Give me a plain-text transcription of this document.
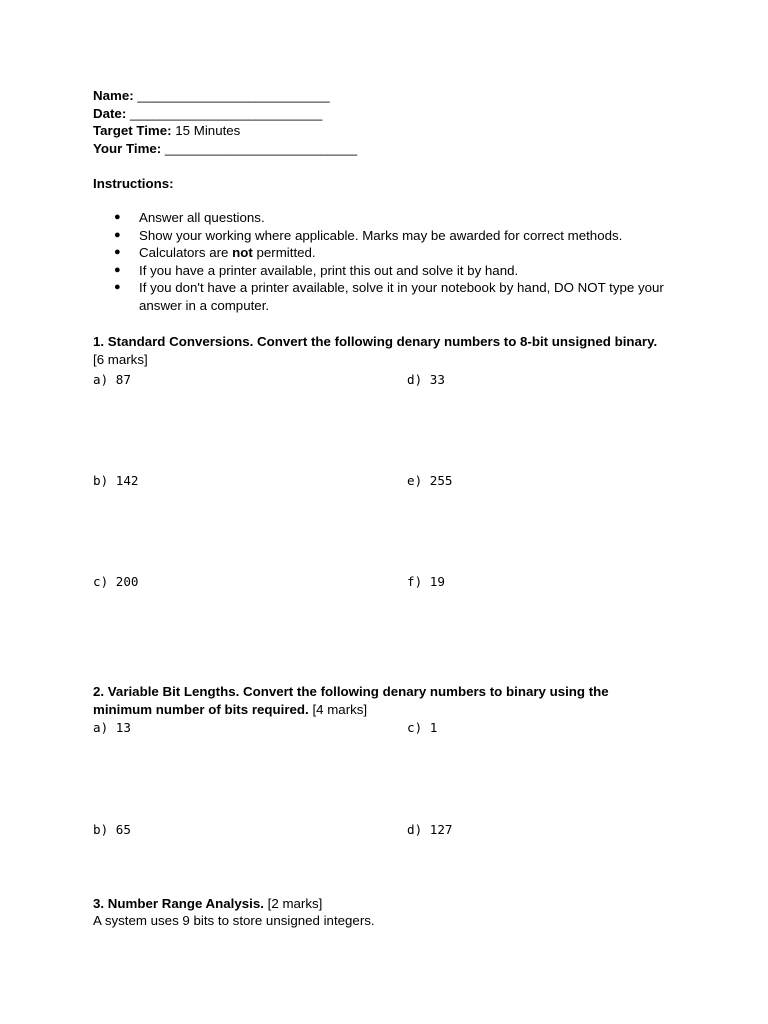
Name: __________________________
Date: __________________________
Target Time: 15 Minutes
Your Time: __________________________
Instructions:
● Answer all questions.
● Show your working where applicable. Marks may be awarded for correct methods.
● Calculators are not permitted.
● If you have a printer available, print this out and solve it by hand.
● If you don't have a printer available, solve it in your notebook by hand, DO NOT type your answer in a computer.
1. Standard Conversions. Convert the following denary numbers to 8-bit unsigned binary. [6 marks]
a) 87	d) 33
b) 142	e) 255
c) 200	f) 19
2. Variable Bit Lengths. Convert the following denary numbers to binary using the minimum number of bits required. [4 marks]
a) 13	c) 1
b) 65	d) 127
3. Number Range Analysis. [2 marks]
A system uses 9 bits to store unsigned integers.
